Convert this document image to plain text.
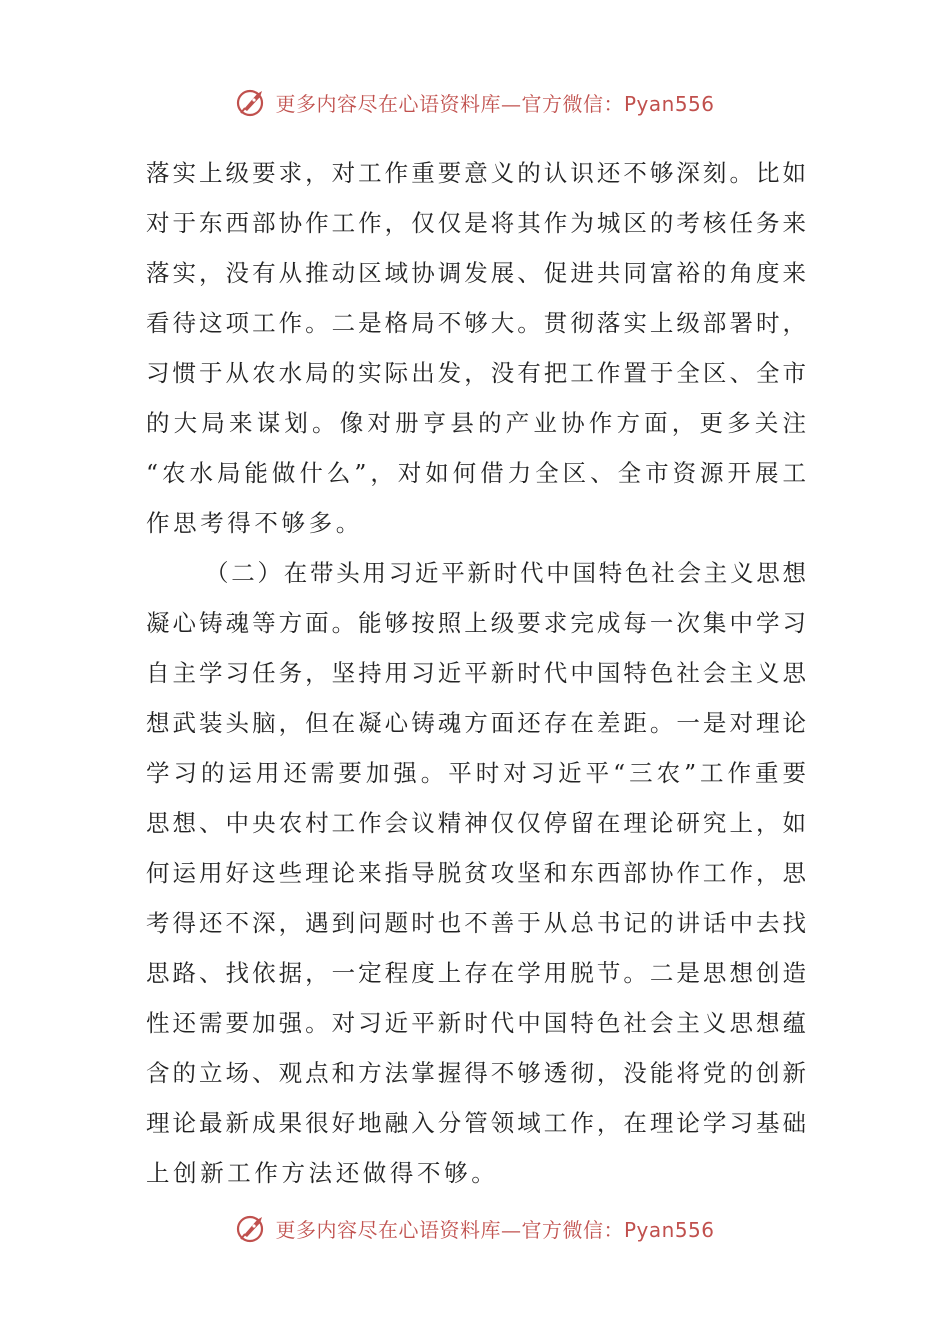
更多内容尽在心语资料库—官方微信：Pyan556
落实上级要求，对工作重要意义的认识还不够深刻。比如
对于东西部协作工作，仅仅是将其作为城区的考核任务来
落实，没有从推动区域协调发展、促进共同富裕的角度来
看待这项工作。二是格局不够大。贯彻落实上级部署时，
习惯于从农水局的实际出发，没有把工作置于全区、全市
的大局来谋划。像对册亨县的产业协作方面，更多关注
“农水局能做什么”，对如何借力全区、全市资源开展工
作思考得不够多。
（二）在带头用习近平新时代中国特色社会主义思想
凝心铸魂等方面。能够按照上级要求完成每一次集中学习
自主学习任务，坚持用习近平新时代中国特色社会主义思
想武装头脑，但在凝心铸魂方面还存在差距。一是对理论
学习的运用还需要加强。平时对习近平“三农”工作重要
思想、中央农村工作会议精神仅仅停留在理论研究上，如
何运用好这些理论来指导脱贫攻坚和东西部协作工作，思
考得还不深，遇到问题时也不善于从总书记的讲话中去找
思路、找依据，一定程度上存在学用脱节。二是思想创造
性还需要加强。对习近平新时代中国特色社会主义思想蕴
含的立场、观点和方法掌握得不够透彻，没能将党的创新
理论最新成果很好地融入分管领域工作，在理论学习基础
上创新工作方法还做得不够。
更多内容尽在心语资料库—官方微信：Pyan556
